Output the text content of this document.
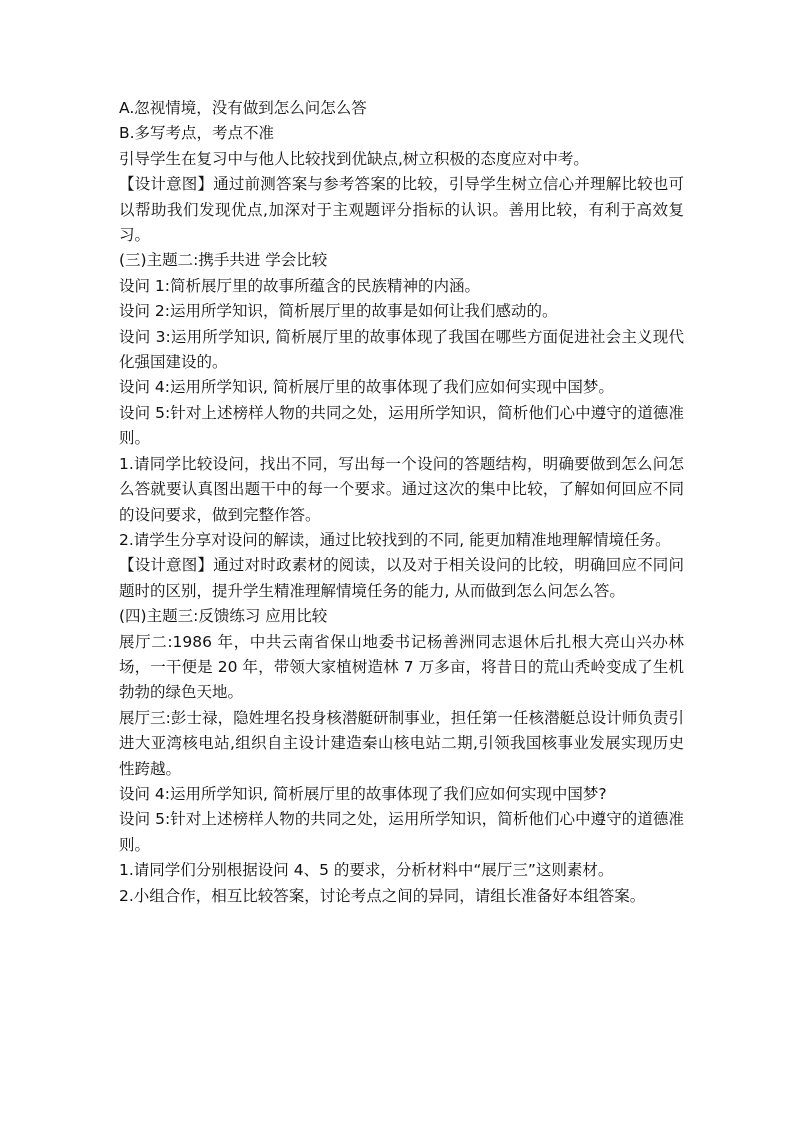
A.忽视情境，没有做到怎么问怎么答

B.多写考点，考点不准

引导学生在复习中与他人比较找到优缺点,树立积极的态度应对中考。

【设计意图】通过前测答案与参考答案的比较，引导学生树立信心并理解比较也可以帮助我们发现优点,加深对于主观题评分指标的认识。善用比较，有利于高效复习。

(三)主题二:携手共进 学会比较

设问 1:简析展厅里的故事所蕴含的民族精神的内涵。

设问 2:运用所学知识，简析展厅里的故事是如何让我们感动的。

设问 3:运用所学知识, 简析展厅里的故事体现了我国在哪些方面促进社会主义现代化强国建设的。

设问 4:运用所学知识, 简析展厅里的故事体现了我们应如何实现中国梦。

设问 5:针对上述榜样人物的共同之处，运用所学知识，简析他们心中遵守的道德准则。

1.请同学比较设问，找出不同，写出每一个设问的答题结构，明确要做到怎么问怎么答就要认真图出题干中的每一个要求。通过这次的集中比较，了解如何回应不同的设问要求，做到完整作答。

2.请学生分享对设问的解读，通过比较找到的不同, 能更加精准地理解情境任务。

【设计意图】通过对时政素材的阅读，以及对于相关设问的比较，明确回应不同问题时的区别，提升学生精准理解情境任务的能力, 从而做到怎么问怎么答。

(四)主题三:反馈练习 应用比较

展厅二:1986 年，中共云南省保山地委书记杨善洲同志退休后扎根大亮山兴办林场，一干便是 20 年，带领大家植树造林 7 万多亩，将昔日的荒山秃岭变成了生机勃勃的绿色天地。

展厅三:彭士禄，隐姓埋名投身核潜艇研制事业，担任第一任核潜艇总设计师负责引进大亚湾核电站,组织自主设计建造秦山核电站二期,引领我国核事业发展实现历史性跨越。

设问 4:运用所学知识, 简析展厅里的故事体现了我们应如何实现中国梦?

设问 5:针对上述榜样人物的共同之处，运用所学知识，简析他们心中遵守的道德准则。

1.请同学们分别根据设问 4、5 的要求，分析材料中“展厅三”这则素材。

2.小组合作，相互比较答案，讨论考点之间的异同，请组长准备好本组答案。
